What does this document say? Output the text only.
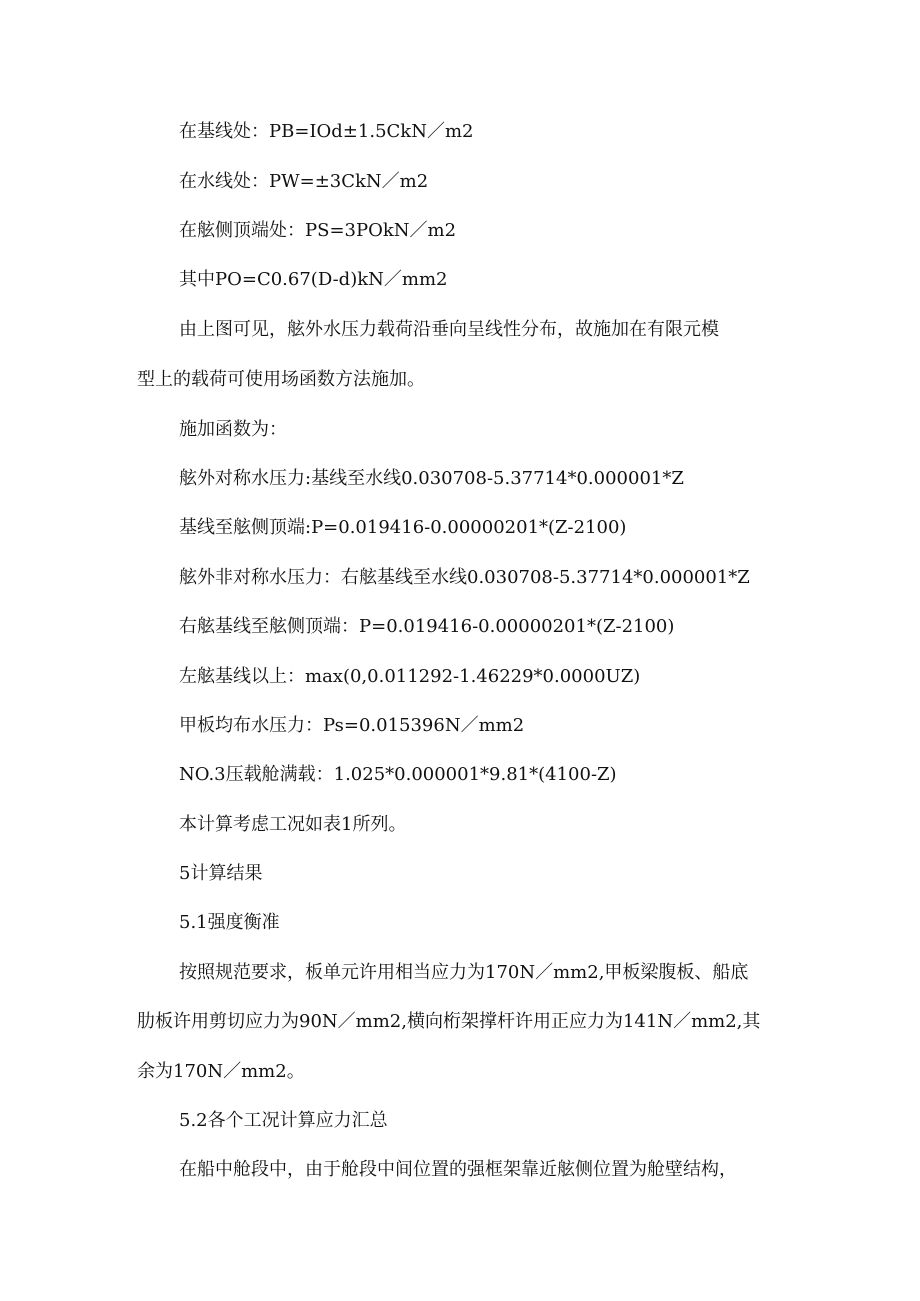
在基线处：PB=IOd±1.5CkN／m2
在水线处：PW=±3CkN／m2
在舷侧顶端处：PS=3POkN／m2
其中PO=C0.67(D-d)kN／mm2
由上图可见，舷外水压力载荷沿垂向呈线性分布，故施加在有限元模
型上的载荷可使用场函数方法施加。
施加函数为：
舷外对称水压力:基线至水线0.030708-5.37714*0.000001*Z
基线至舷侧顶端:P=0.019416-0.00000201*(Z-2100)
舷外非对称水压力：右舷基线至水线0.030708-5.37714*0.000001*Z
右舷基线至舷侧顶端：P=0.019416-0.00000201*(Z-2100)
左舷基线以上：max(0,0.011292-1.46229*0.0000UZ)
甲板均布水压力：Ps=0.015396N／mm2
NO.3压载舱满载：1.025*0.000001*9.81*(4100-Z)
本计算考虑工况如表1所列。
5计算结果
5.1强度衡准
按照规范要求，板单元许用相当应力为170N／mm2,甲板梁腹板、船底
肋板许用剪切应力为90N／mm2,横向桁架撑杆许用正应力为141N／mm2,其
余为170N／mm2。
5.2各个工况计算应力汇总
在船中舱段中，由于舱段中间位置的强框架靠近舷侧位置为舱壁结构，
